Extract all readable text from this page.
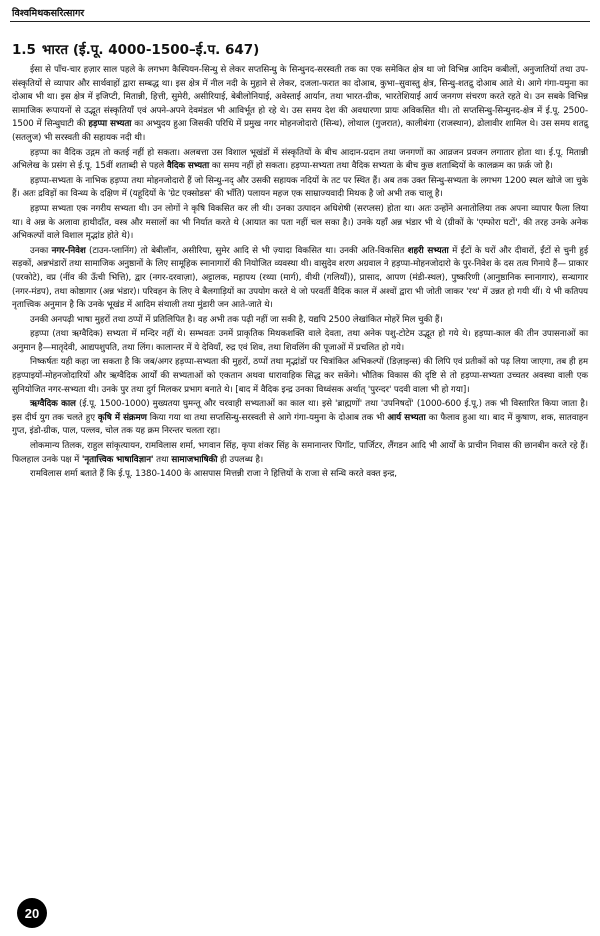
विश्वमिथकसरित्सागर
1.5 भारत (ई.पू. 4000-1500–ई.प. 647)

ईसा से पाँच-चार हज़ार साल पहले के लगभग कैस्पियन-सिन्धु से लेकर सप्तसिन्धु के सिन्धुनद-सरस्वती तक का एक समेकित क्षेत्र था जो विभिन्न आदिम कबीलों, अनुजातियों तथा उप-संस्कृतियों से व्यापार और सार्थवाहों द्वारा सम्बद्ध था। इस क्षेत्र में नील नदी के मुहाने से लेकर, दजला-फरात का दोआब, कुभा–सुवास्तु क्षेत्र, सिन्धु-शतद्रु दोआब आते थे। आगे गंगा-यमुना का दोआब भी था। इस क्षेत्र में इजिप्टी, मितान्नी, हित्ती, सुमेरी, असीरियाई, बेबीलोनियाई, अवेस्ताई आर्यान, तथा भारत-ग्रीक, भारतेशियाई आर्य जनगण संचरण करते रहते थे। उन सबके विभिन्न सामाजिक रूपायनों से उद्भूत संस्कृतियाँ एवं अपने-अपने देवमंडल भी आविर्भूत हो रहे थे। उस समय देश की अवधारणा प्रायः अविकसित थी। तो सप्तसिन्धु-सिन्धुनद-क्षेत्र में ई.पू. 2500-1500 में सिन्धुघाटी की हड़प्पा सभ्यता का अभ्युदय हुआ जिसकी परिधि में प्रमुख नगर मोहनजोदारो (सिन्ध), लोथाल (गुजरात), कालीबंगा (राजस्थान), ढोलावीर शामिल थे। उस समय शतद्रु (सतलुज) भी सरस्वती की सहायक नदी थी।

हड़प्पा का वैदिक उद्गम तो कतई नहीं हो सकता। अलबत्ता उस विशाल भूखंडों में संस्कृतियों के बीच आदान-प्रदान तथा जनगणों का आव्रजन प्रवजन लगातार होता था। ई.पू. मितान्नी अभिलेख के प्रसंग से ई.पू. 15वीं शताब्दी से पहले वैदिक सभ्यता का समय नहीं हो सकता। हड़प्पा-सभ्यता तथा वैदिक सभ्यता के बीच कुछ शताब्दियों के कालक्रम का फ़र्क़ जो है।

हड़प्पा-सभ्यता के नाभिक हड़प्पा तथा मोहनजोदारो हैं जो सिन्धु-नद् और उसकी सहायक नदियों के तट पर स्थित हैं। अब तक उक्त सिन्धु-सभ्यता के लगभग 1200 स्थल खोजे जा चुके हैं। अतः द्रविड़ों का विन्ध्य के दक्षिण में (यहूदियों के 'ग्रेट एक्सोडस' की भाँति) पलायन महज एक साम्राज्यवादी मिथक है जो अभी तक चालू है।

हड़प्पा सभ्यता एक नगरीय सभ्यता थी। उन लोगों ने कृषि विकसित कर ली थी। उनका उत्पादन अधिशेषी (सरप्लस) होता था। अतः उन्होंने अनातोलिया तक अपना व्यापार फैला लिया था। वे अन्न के अलावा हाथीदाँत, वस्त्र और मसालों का भी निर्यात करते थे (आयात का पता नहीं चल सका है।) उनके यहाँ अन्न भंडार भी थे (ग्रीकों के 'एम्फोरा घटों', की तरह उनके अनेक अभिकल्पों वाले विशाल मृद्भांड होते थे)।

उनका नगर-निवेश (टाउन-प्लानिंग) तो बेबीलॉन, असीरिया, सुमेर आदि से भी ज़्यादा विकसित था। उनकी अति-विकसित शहरी सभ्यता में ईंटों के घरों और दीवारों, ईंटों से चुनी हुई सड़कों, अन्नभंडारों तथा सामाजिक अनुष्ठानों के लिए सामूहिक स्नानागारों की नियोजित व्यवस्था थी। वासुदेव शरण अग्रवाल ने हड़प्पा-मोहनजोदारो के पुर-निवेश के दस तत्व गिनाये हैं— प्राकार (परकोटे), वप्र (नींव की ऊँची भित्ति), द्वार (नगर-दरवाज़ा), अट्टालक, महापथ (रथ्या (मार्ग), वीथी (गलियाँ)), प्रासाद, आपण (मंडी-स्थल), पुष्करिणी (आनुष्ठानिक स्नानागार), सन्धागार (नगर-मंडप), तथा कोष्ठागार (अन्न भंडार)। परिवहन के लिए वे बैलगाड़ियों का उपयोग करते थे जो परवर्ती वैदिक काल में अश्वों द्वारा भी जोती जाकर 'रथ' में उन्नत हो गयी थीं। ये भी कतिपय नृतात्त्विक अनुमान है कि उनके भूखंड में आदिम संथाली तथा मुंडारी जन आते-जाते थे।

उनकी अनपढ़ी भाषा मुहरों तथा ठप्पों में प्रतिलिपित है। वह अभी तक पढ़ी नहीं जा सकी है, यद्यपि 2500 लेखांकित मोहरें मिल चुकी हैं।

हड़प्पा (तथा ऋग्वैदिक) सभ्यता में मन्दिर नहीं थे। सम्भवतः उनमें प्राकृतिक मिथकशक्ति वाले देवता, तथा अनेक पशु-टोटेम उद्भूत हो गये थे। हड़प्पा-काल की तीन उपासनाओं का अनुमान है—मातृदेवी, आद्यपशुपति, तथा लिंग। कालान्तर में ये देवियाँ, रुद्र एवं शिव, तथा शिवलिंग की पूजाओं में प्रचलित हो गये।

निष्कर्षतः यही कहा जा सकता है कि जब/अगर हड़प्पा-सभ्यता की मुहरों, ठप्पों तथा मृद्भांडों पर चित्रांकित अभिकल्पों (डिज़ाइन्स) की लिपि एवं प्रतीकों को पढ़ लिया जाएगा, तब ही हम हड़प्पाइयों-मोहनजोदारियों और ऋग्वैदिक आर्यों की सभ्यताओं को एकतान अथवा धारावाहिक सिद्ध कर सकेंगे। भौतिक विकास की दृष्टि से तो हड़प्पा-सभ्यता उच्चतर अवस्था वाली एक सुनियोजित नगर-सभ्यता थी। उनके पुर तथा दुर्ग मिलकर प्रभाग बनाते थे। [बाद में वैदिक इन्द्र उनका विध्वंसक अर्थात् 'पुरन्दर' पदवी वाला भी हो गया]।

ऋग्वैदिक काल (ई.पू. 1500-1000) मुख्यतया घुमन्तू और चरवाही सभ्यताओं का काल था। इसे 'ब्राह्मणों' तथा 'उपनिषदों' (1000-600 ई.पू.) तक भी विस्तारित किया जाता है। इस दीर्घ युग तक चलते हुए कृषि में संक्रमण किया गया था तथा सप्तसिन्धु-सरस्वती से आगे गंगा-यमुना के दोआब तक भी आर्य सभ्यता का फैलाव हुआ था। बाद में कुषाण, शक, सातवाहन गुप्त, इंडो-ग्रीक, पाल, पल्लव, चोल तक यह क्रम निरन्तर चलता रहा।

लोकमान्य तिलक, राहुल सांकृत्यायन, रामविलास शर्मा, भगवान सिंह, कृपा शंकर सिंह के समानान्तर पिगॉट, पार्जिटर, लैंगडन आदि भी आर्यों के प्राचीन निवास की छानबीन करते रहे हैं। फिलहाल उनके पक्ष में 'नृतात्त्विक भाषाविज्ञान' तथा सामाजभाषिकी ही उपलब्ध है।

रामविलास शर्मा बताते हैं कि ई.पू. 1380-1400 के आसपास मित्तन्नी राजा ने हित्तियों के राजा से सन्धि करते वक्त इन्द्र,

20
